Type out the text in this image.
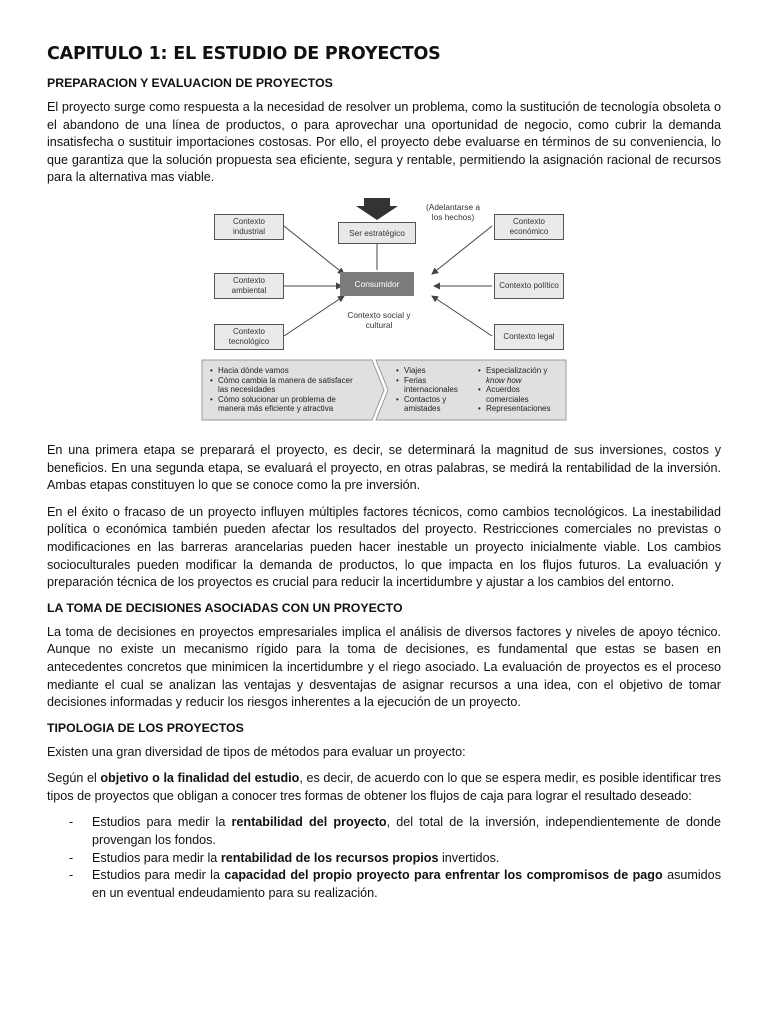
CAPITULO 1: EL ESTUDIO DE PROYECTOS
PREPARACION Y EVALUACION DE PROYECTOS

El proyecto surge como respuesta a la necesidad de resolver un problema, como la sustitución de tecnología obsoleta o el abandono de una línea de productos, o para aprovechar una oportunidad de negocio, como cubrir la demanda insatisfecha o sustituir importaciones costosas. Por ello, el proyecto debe evaluarse en términos de su conveniencia, lo que garantiza que la solución propuesta sea eficiente, segura y rentable, permitiendo la asignación racional de recursos para la alternativa mas viable.

Contexto industrial
Contexto ambiental
Contexto tecnológico
Contexto económico
Contexto político
Contexto legal
Ser estratégico
(Adelantarse a los hechos)
Consumidor
Contexto social y cultural
• Hacia dónde vamos
• Cómo cambia la manera de satisfacer las necesidades
• Cómo solucionar un problema de manera más eficiente y atractiva
• Viajes
• Ferias internacionales
• Contactos y amistades
• Especialización y know how
• Acuerdos comerciales
• Representaciones

En una primera etapa se preparará el proyecto, es decir, se determinará la magnitud de sus inversiones, costos y beneficios. En una segunda etapa, se evaluará el proyecto, en otras palabras, se medirá la rentabilidad de la inversión. Ambas etapas constituyen lo que se conoce como la pre inversión.

En el éxito o fracaso de un proyecto influyen múltiples factores técnicos, como cambios tecnológicos. La inestabilidad política o económica también pueden afectar los resultados del proyecto. Restricciones comerciales no previstas o modificaciones en las barreras arancelarias pueden hacer inestable un proyecto inicialmente viable. Los cambios socioculturales pueden modificar la demanda de productos, lo que impacta en los flujos futuros. La evaluación y preparación técnica de los proyectos es crucial para reducir la incertidumbre y ajustar a los cambios del entorno.

LA TOMA DE DECISIONES ASOCIADAS CON UN PROYECTO

La toma de decisiones en proyectos empresariales implica el análisis de diversos factores y niveles de apoyo técnico. Aunque no existe un mecanismo rígido para la toma de decisiones, es fundamental que estas se basen en antecedentes concretos que minimicen la incertidumbre y el riego asociado. La evaluación de proyectos es el proceso mediante el cual se analizan las ventajas y desventajas de asignar recursos a una idea, con el objetivo de tomar decisiones informadas y reducir los riesgos inherentes a la ejecución de un proyecto.

TIPOLOGIA DE LOS PROYECTOS

Existen una gran diversidad de tipos de métodos para evaluar un proyecto:

Según el objetivo o la finalidad del estudio, es decir, de acuerdo con lo que se espera medir, es posible identificar tres tipos de proyectos que obligan a conocer tres formas de obtener los flujos de caja para lograr el resultado deseado:

- Estudios para medir la rentabilidad del proyecto, del total de la inversión, independientemente de donde provengan los fondos.
- Estudios para medir la rentabilidad de los recursos propios invertidos.
- Estudios para medir la capacidad del propio proyecto para enfrentar los compromisos de pago asumidos en un eventual endeudamiento para su realización.
